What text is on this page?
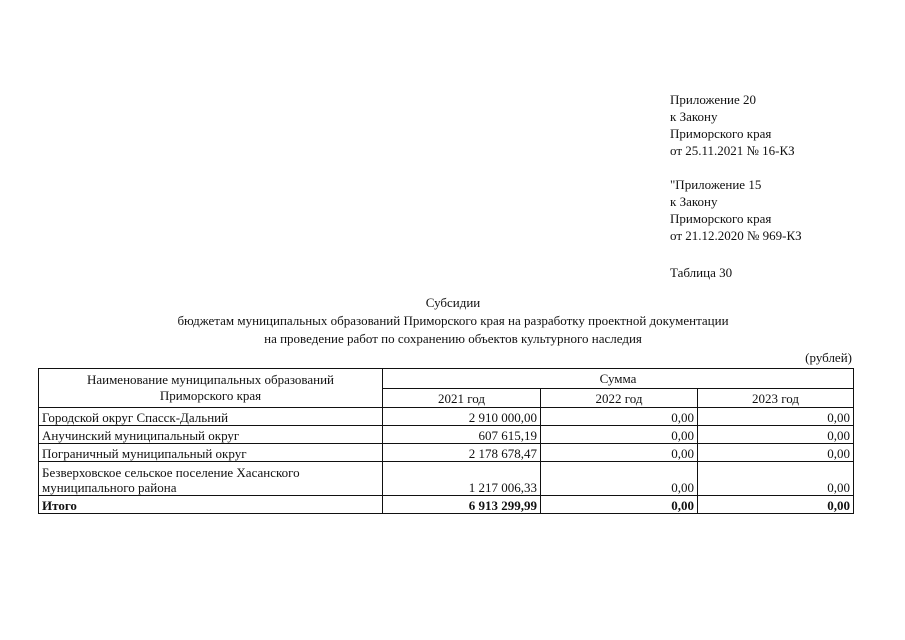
Приложение 20
к Закону
Приморского края
от 25.11.2021 № 16-КЗ
"Приложение 15
к Закону
Приморского края
от 21.12.2020 № 969-КЗ
Таблица 30
Субсидии
бюджетам муниципальных образований Приморского края на разработку проектной документации
на проведение работ по сохранению объектов культурного наследия
(рублей)
Наименование муниципальных образований
Приморского края	Сумма		
	2021 год	2022 год	2023 год
Городской округ Спасск-Дальний	2 910 000,00	0,00	0,00
Анучинский муниципальный округ	607 615,19	0,00	0,00
Пограничный муниципальный округ	2 178 678,47	0,00	0,00

Безверховское сельское поселение Хасанского
муниципального района	1 217 006,33	0,00	0,00
Итого	6 913 299,99	0,00	0,00
